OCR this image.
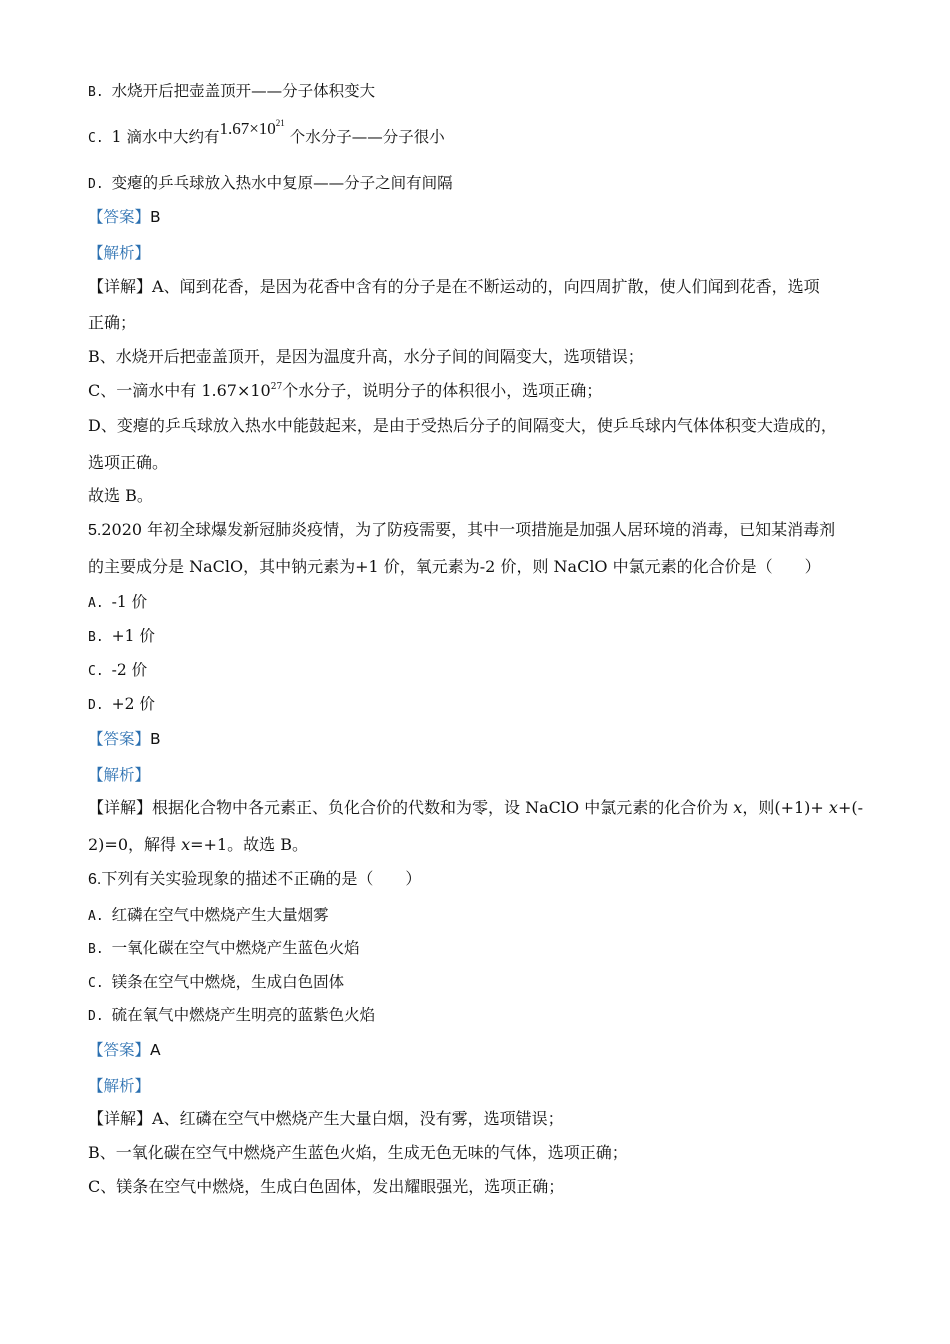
B. 水烧开后把壶盖顶开——分子体积变大
C. 1 滴水中大约有$1.67\times 10^{21}$ 个水分子——分子很小
D. 变瘪的乒乓球放入热水中复原——分子之间有间隔
【答案】B
【解析】
【详解】A、闻到花香，是因为花香中含有的分子是在不断运动的，向四周扩散，使人们闻到花香，选项
正确；
B、水烧开后把壶盖顶开，是因为温度升高，水分子间的间隔变大，选项错误；
C、一滴水中有 $1.67\times 10^{27}$个水分子，说明分子的体积很小，选项正确；
D、变瘪的乒乓球放入热水中能鼓起来，是由于受热后分子的间隔变大，使乒乓球内气体体积变大造成的，
选项正确。
故选 B。
5.2020 年初全球爆发新冠肺炎疫情，为了防疫需要，其中一项措施是加强人居环境的消毒，已知某消毒剂
的主要成分是 NaClO，其中钠元素为+1 价，氧元素为-2 价，则 NaClO 中氯元素的化合价是（　　）
A. -1 价
B. +1 价
C. -2 价
D. +2 价
【答案】B
【解析】
【详解】根据化合物中各元素正、负化合价的代数和为零，设 NaClO 中氯元素的化合价为 x，则(+1)+ x+(-
2)=0，解得 x=+1。故选 B。
6.下列有关实验现象的描述不正确的是（　　）
A. 红磷在空气中燃烧产生大量烟雾
B. 一氧化碳在空气中燃烧产生蓝色火焰
C. 镁条在空气中燃烧，生成白色固体
D. 硫在氧气中燃烧产生明亮的蓝紫色火焰
【答案】A
【解析】
【详解】A、红磷在空气中燃烧产生大量白烟，没有雾，选项错误；
B、一氧化碳在空气中燃烧产生蓝色火焰，生成无色无味的气体，选项正确；
C、镁条在空气中燃烧，生成白色固体，发出耀眼强光，选项正确；
